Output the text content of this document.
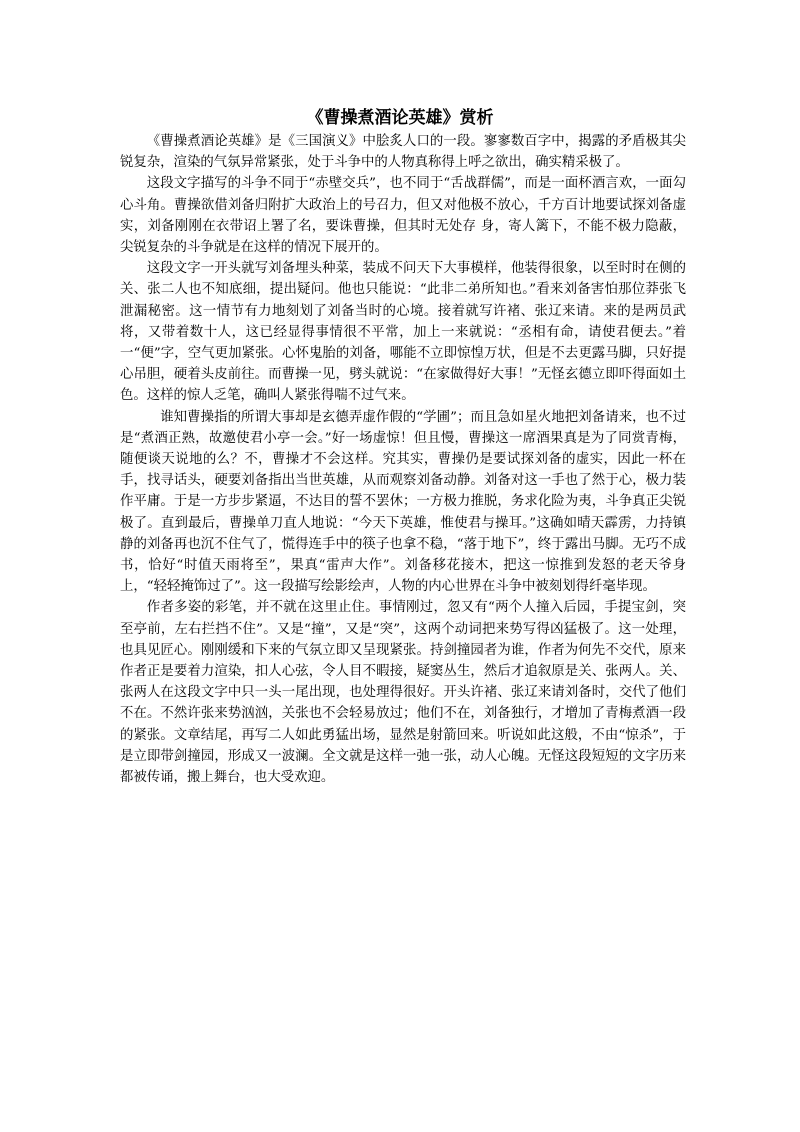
《曹操煮酒论英雄》赏析

《曹操煮酒论英雄》是《三国演义》中脍炙人口的一段。寥寥数百字中，揭露的矛盾极其尖锐复杂，渲染的气氛异常紧张，处于斗争中的人物真称得上呼之欲出，确实精采极了。

这段文字描写的斗争不同于“赤壁交兵”，也不同于“舌战群儒”，而是一面杯酒言欢，一面勾心斗角。曹操欲借刘备归附扩大政治上的号召力，但又对他极不放心，千方百计地要试探刘备虚实，刘备刚刚在衣带诏上署了名，要诛曹操，但其时无处存 身，寄人篱下，不能不极力隐蔽，尖锐复杂的斗争就是在这样的情况下展开的。

这段文字一开头就写刘备埋头种菜，装成不问天下大事模样，他装得很象，以至时时在侧的关、张二人也不知底细，提出疑问。他也只能说：“此非二弟所知也。”看来刘备害怕那位莽张飞泄漏秘密。这一情节有力地刻划了刘备当时的心境。接着就写许褚、张辽来请。来的是两员武将，又带着数十人，这已经显得事情很不平常，加上一来就说：“丞相有命，请使君便去。”着一“便”字，空气更加紧张。心怀鬼胎的刘备，哪能不立即惊惶万状，但是不去更露马脚，只好提心吊胆，硬着头皮前往。而曹操一见，劈头就说：“在家做得好大事！”无怪玄德立即吓得面如土色。这样的惊人乏笔，确叫人紧张得喘不过气来。

谁知曹操指的所谓大事却是玄德弄虚作假的“学圃”；而且急如星火地把刘备请来，也不过是“煮酒正熟，故邀使君小亭一会。”好一场虚惊！但且慢，曹操这一席酒果真是为了同赏青梅，随便谈天说地的么？不，曹操才不会这样。究其实，曹操仍是要试探刘备的虚实，因此一杯在手，找寻话头，硬要刘备指出当世英雄，从而观察刘备动静。刘备对这一手也了然于心，极力装作平庸。于是一方步步紧逼，不达目的誓不罢休；一方极力推脱，务求化险为夷，斗争真正尖锐极了。直到最后，曹操单刀直人地说：“今天下英雄，惟使君与操耳。”这确如晴天霹雳，力持镇静的刘备再也沉不住气了，慌得连手中的筷子也拿不稳，“落于地下”，终于露出马脚。无巧不成书，恰好“时值天雨将至”，果真“雷声大作”。刘备移花接木，把这一惊推到发怒的老天爷身上，“轻轻掩饰过了”。这一段描写绘影绘声，人物的内心世界在斗争中被刻划得纤毫毕现。

作者多姿的彩笔，并不就在这里止住。事情刚过，忽又有“两个人撞入后园，手提宝剑，突至亭前，左右拦挡不住”。又是“撞”，又是“突”，这两个动词把来势写得凶猛极了。这一处理，也具见匠心。刚刚缓和下来的气氛立即又呈现紧张。持剑撞园者为谁，作者为何先不交代，原来作者正是要着力渲染，扣人心弦，令人目不暇接，疑窦丛生，然后才追叙原是关、张两人。关、张两人在这段文字中只一头一尾出现，也处理得很好。开头许褚、张辽来请刘备时，交代了他们不在。不然许张来势汹汹，关张也不会轻易放过；他们不在，刘备独行，才增加了青梅煮酒一段的紧张。文章结尾，再写二人如此勇猛出场，显然是射箭回来。听说如此这般，不由“惊杀”，于是立即带剑撞园，形成又一波澜。全文就是这样一弛一张，动人心魄。无怪这段短短的文字历来都被传诵，搬上舞台，也大受欢迎。
